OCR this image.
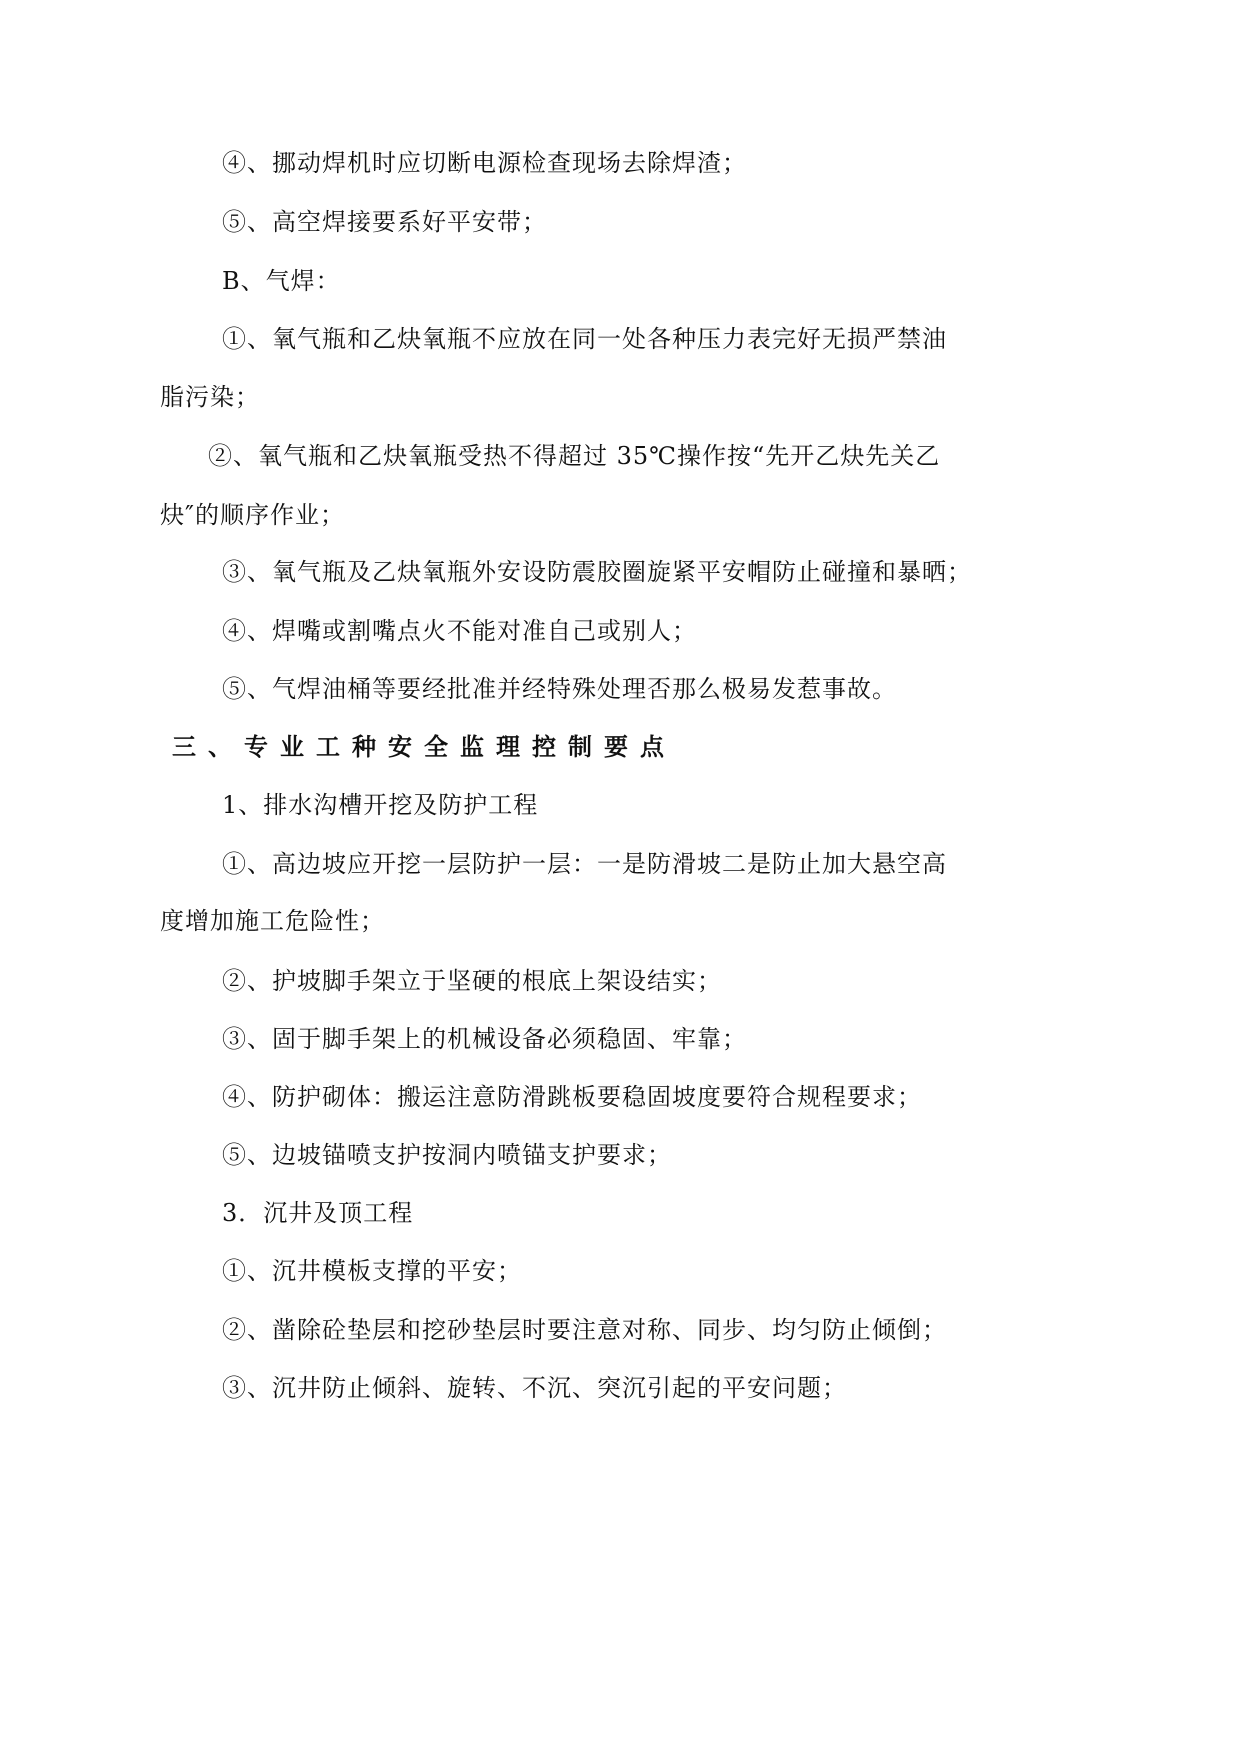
④、挪动焊机时应切断电源检查现场去除焊渣；
⑤、高空焊接要系好平安带；
B、气焊：
①、氧气瓶和乙炔氧瓶不应放在同一处各种压力表完好无损严禁油
脂污染；
②、氧气瓶和乙炔氧瓶受热不得超过 35℃操作按“先开乙炔先关乙
炔″的顺序作业；
③、氧气瓶及乙炔氧瓶外安设防震胶圈旋紧平安帽防止碰撞和暴晒；
④、焊嘴或割嘴点火不能对准自己或别人；
⑤、气焊油桶等要经批准并经特殊处理否那么极易发惹事故。
三、专业工种安全监理控制要点
1、排水沟槽开挖及防护工程
①、高边坡应开挖一层防护一层：一是防滑坡二是防止加大悬空高
度增加施工危险性；
②、护坡脚手架立于坚硬的根底上架设结实；
③、固于脚手架上的机械设备必须稳固、牢靠；
④、防护砌体：搬运注意防滑跳板要稳固坡度要符合规程要求；
⑤、边坡锚喷支护按洞内喷锚支护要求；
3．沉井及顶工程
①、沉井模板支撑的平安；
②、凿除砼垫层和挖砂垫层时要注意对称、同步、均匀防止倾倒；
③、沉井防止倾斜、旋转、不沉、突沉引起的平安问题；
